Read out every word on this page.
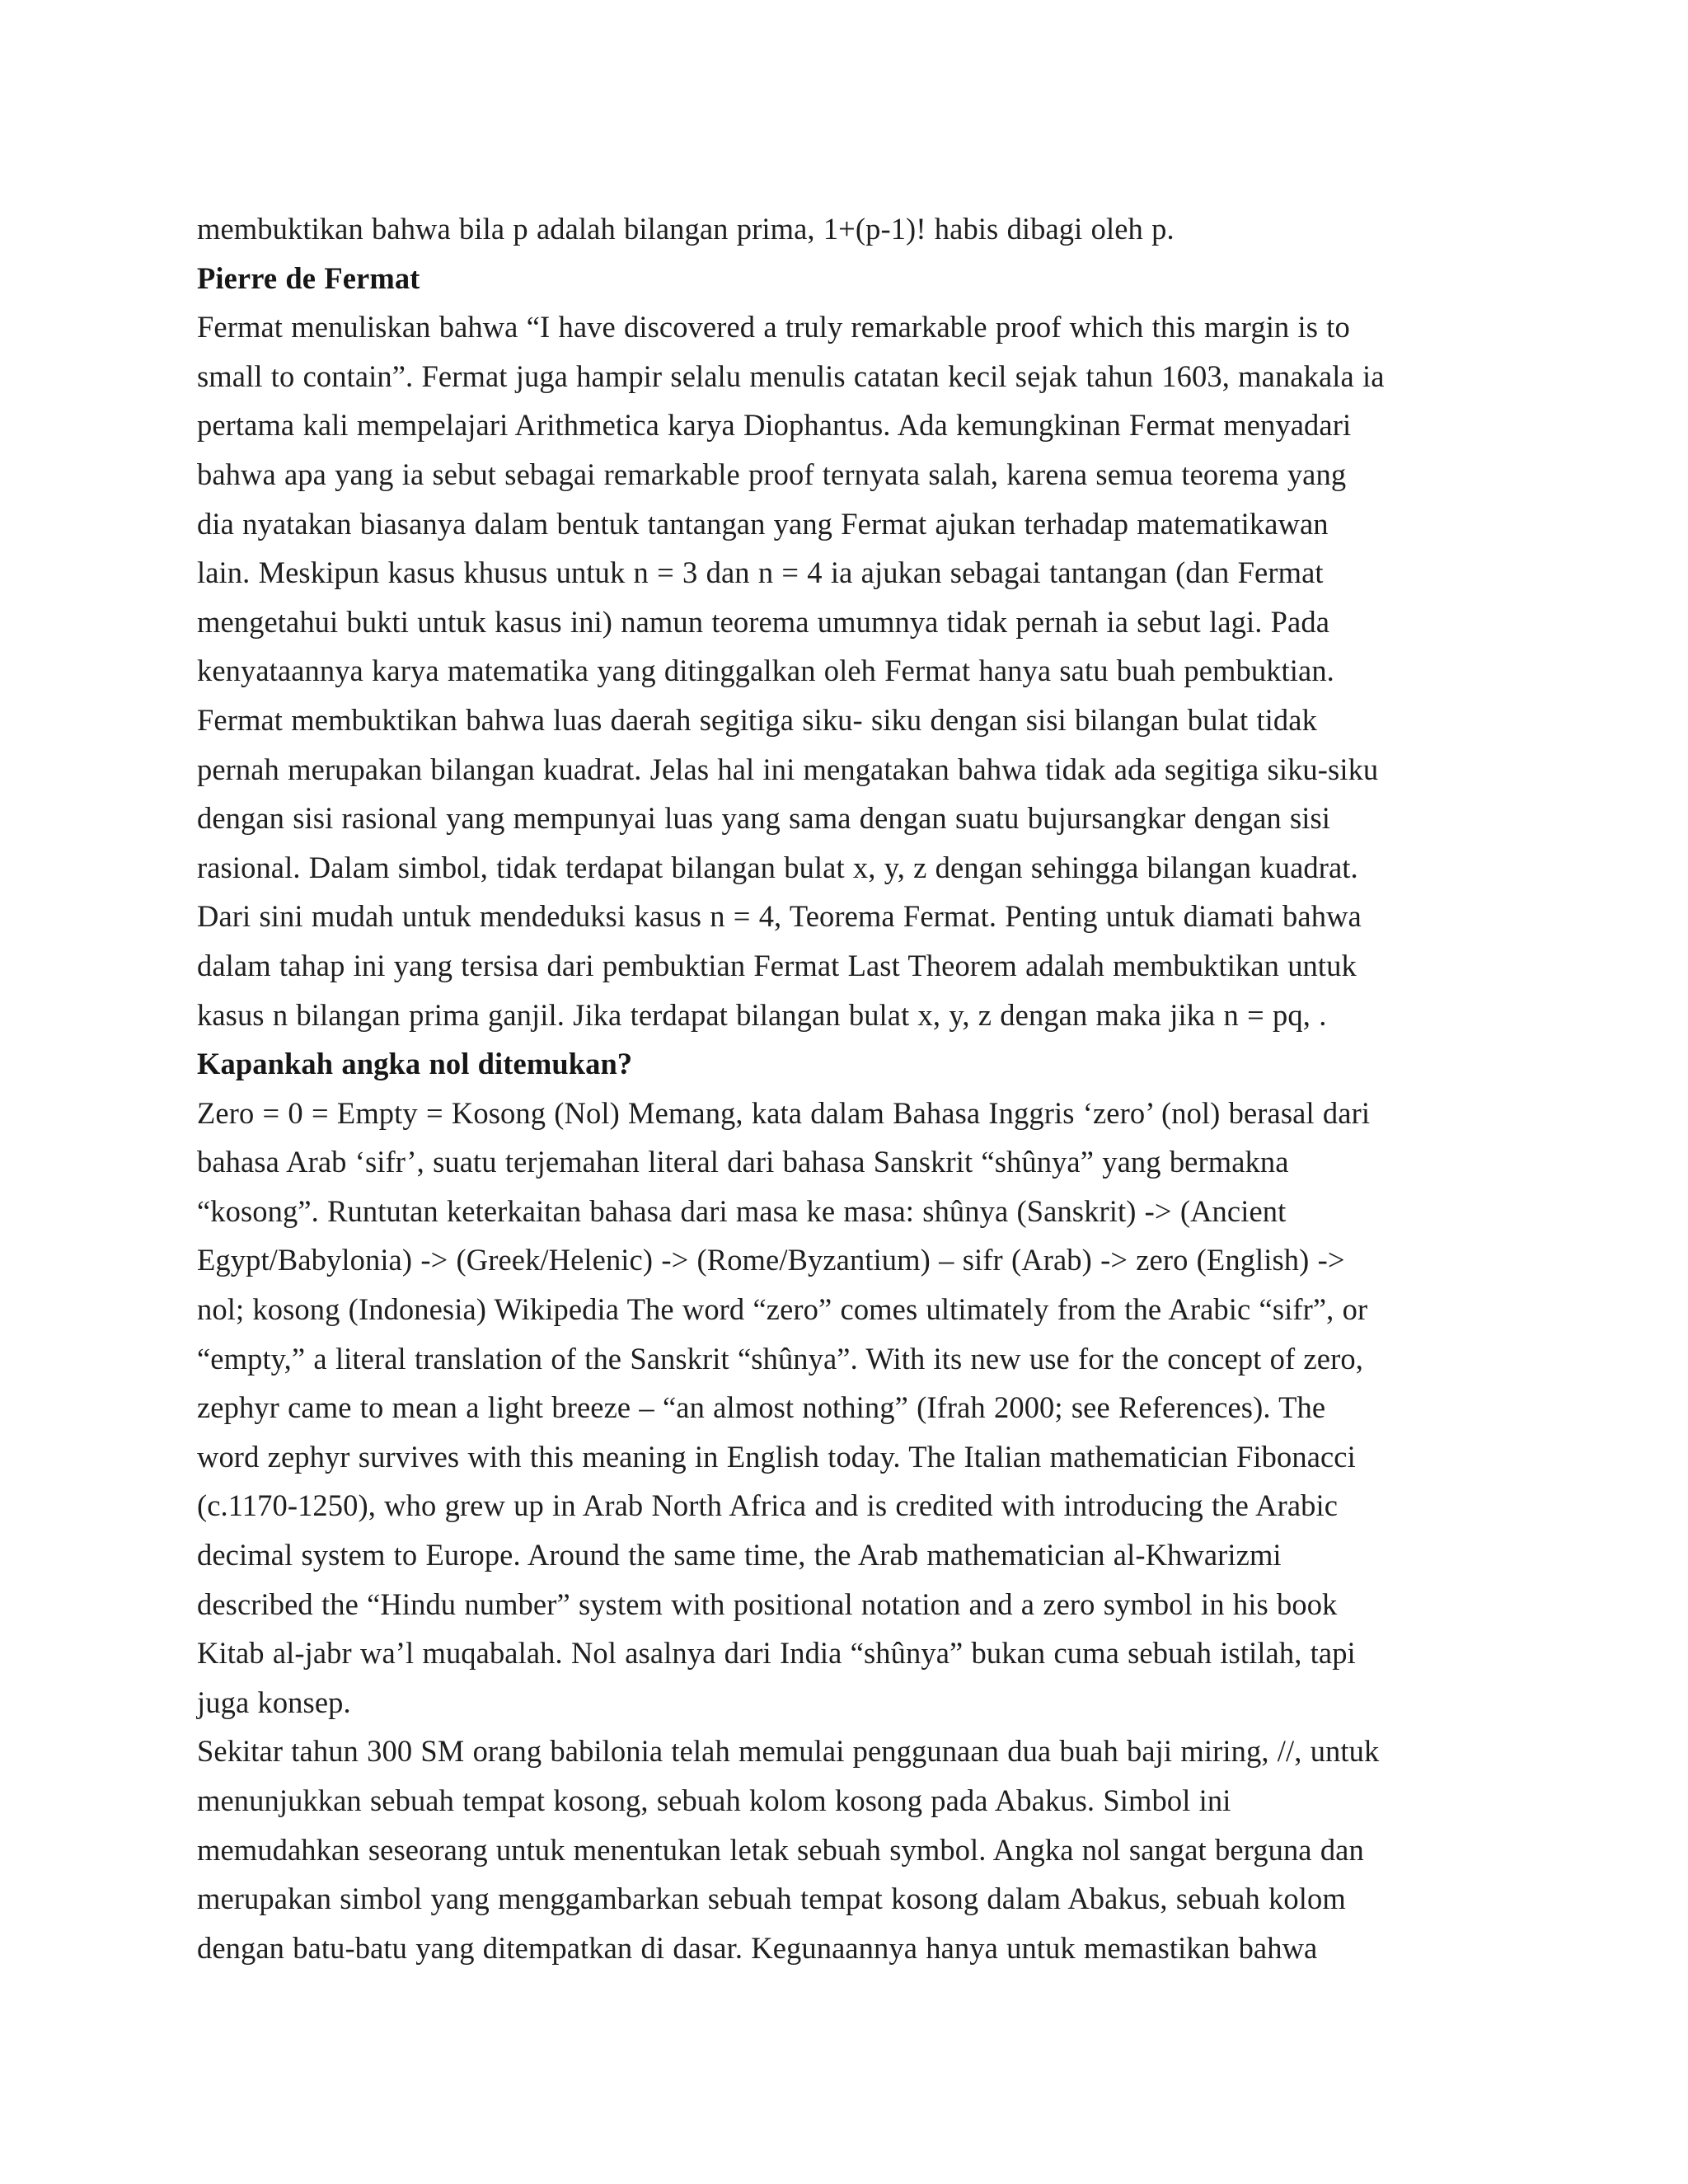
membuktikan bahwa bila p adalah bilangan prima, 1+(p-1)! habis dibagi oleh p.
Pierre de Fermat
Fermat menuliskan bahwa “I have discovered a truly remarkable proof which this margin is to
small to contain”. Fermat juga hampir selalu menulis catatan kecil sejak tahun 1603, manakala ia
pertama kali mempelajari Arithmetica karya Diophantus. Ada kemungkinan Fermat menyadari
bahwa apa yang ia sebut sebagai remarkable proof ternyata salah, karena semua teorema yang
dia nyatakan biasanya dalam bentuk tantangan yang Fermat ajukan terhadap matematikawan
lain. Meskipun kasus khusus untuk n = 3 dan n = 4 ia ajukan sebagai tantangan (dan Fermat
mengetahui bukti untuk kasus ini) namun teorema umumnya tidak pernah ia sebut lagi. Pada
kenyataannya karya matematika yang ditinggalkan oleh Fermat hanya satu buah pembuktian.
Fermat membuktikan bahwa luas daerah segitiga siku- siku dengan sisi bilangan bulat tidak
pernah merupakan bilangan kuadrat. Jelas hal ini mengatakan bahwa tidak ada segitiga siku-siku
dengan sisi rasional yang mempunyai luas yang sama dengan suatu bujursangkar dengan sisi
rasional. Dalam simbol, tidak terdapat bilangan bulat x, y, z dengan sehingga bilangan kuadrat.
Dari sini mudah untuk mendeduksi kasus n = 4, Teorema Fermat. Penting untuk diamati bahwa
dalam tahap ini yang tersisa dari pembuktian Fermat Last Theorem adalah membuktikan untuk
kasus n bilangan prima ganjil. Jika terdapat bilangan bulat x, y, z dengan maka jika n = pq, .
Kapankah angka nol ditemukan?
Zero = 0 = Empty = Kosong (Nol) Memang, kata dalam Bahasa Inggris ‘zero’ (nol) berasal dari
bahasa Arab ‘sifr’, suatu terjemahan literal dari bahasa Sanskrit “shûnya” yang bermakna
“kosong”. Runtutan keterkaitan bahasa dari masa ke masa: shûnya (Sanskrit) -> (Ancient
Egypt/Babylonia) -> (Greek/Helenic) -> (Rome/Byzantium) – sifr (Arab) -> zero (English) ->
nol; kosong (Indonesia) Wikipedia The word “zero” comes ultimately from the Arabic “sifr”, or
“empty,” a literal translation of the Sanskrit “shûnya”. With its new use for the concept of zero,
zephyr came to mean a light breeze – “an almost nothing” (Ifrah 2000; see References). The
word zephyr survives with this meaning in English today. The Italian mathematician Fibonacci
(c.1170-1250), who grew up in Arab North Africa and is credited with introducing the Arabic
decimal system to Europe. Around the same time, the Arab mathematician al-Khwarizmi
described the “Hindu number” system with positional notation and a zero symbol in his book
Kitab al-jabr wa’l muqabalah. Nol asalnya dari India “shûnya” bukan cuma sebuah istilah, tapi
juga konsep.
Sekitar tahun 300 SM orang babilonia telah memulai penggunaan dua buah baji miring, //, untuk
menunjukkan sebuah tempat kosong, sebuah kolom kosong pada Abakus. Simbol ini
memudahkan seseorang untuk menentukan letak sebuah symbol. Angka nol sangat berguna dan
merupakan simbol yang menggambarkan sebuah tempat kosong dalam Abakus, sebuah kolom
dengan batu-batu yang ditempatkan di dasar. Kegunaannya hanya untuk memastikan bahwa
